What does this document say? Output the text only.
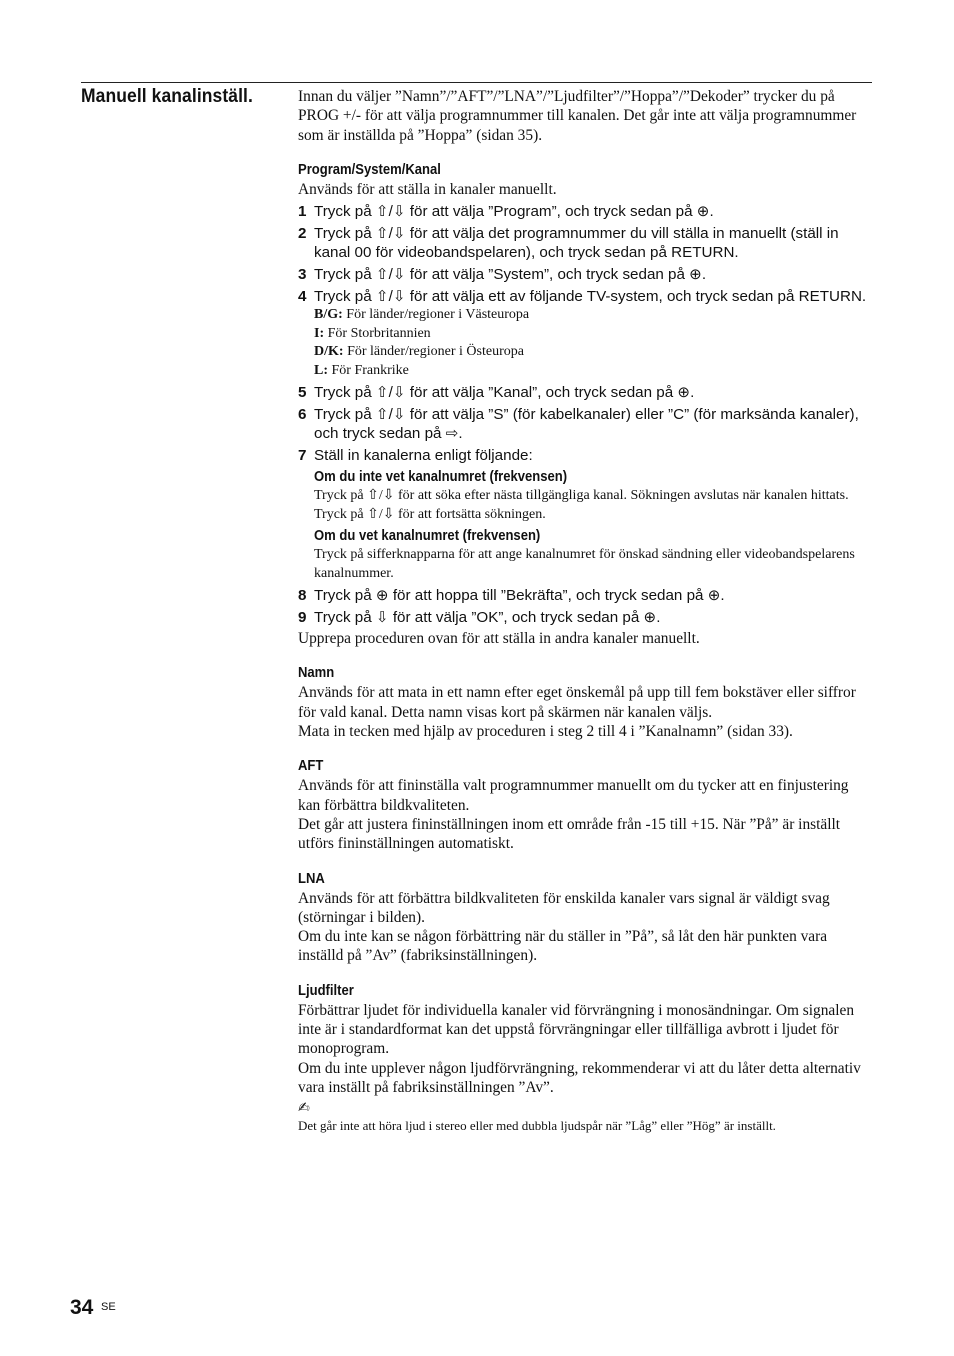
Manuell kanalinställ.	Innan du väljer ”Namn”/”AFT”/”LNA”/”Ljudfilter”/”Hoppa”/”Dekoder” trycker du på PROG +/- för att välja programnummer till kanalen. Det går inte att välja programnummer som är inställda på ”Hoppa” (sidan 35).

Program/System/Kanal

Används för att ställa in kanaler manuellt.

1 Tryck på ⇧/⇩ för att välja ”Program”, och tryck sedan på ⊕.
2 Tryck på ⇧/⇩ för att välja det programnummer du vill ställa in manuellt (ställ in kanal 00 för videobandspelaren), och tryck sedan på RETURN.
3 Tryck på ⇧/⇩ för att välja ”System”, och tryck sedan på ⊕.
4 Tryck på ⇧/⇩ för att välja ett av följande TV-system, och tryck sedan på RETURN.
B/G: För länder/regioner i Västeuropa
I: För Storbritannien
D/K: För länder/regioner i Östeuropa
L: För Frankrike
5 Tryck på ⇧/⇩ för att välja ”Kanal”, och tryck sedan på ⊕.
6 Tryck på ⇧/⇩ för att välja ”S” (för kabelkanaler) eller ”C” (för marksända kanaler), och tryck sedan på ⇨.
7 Ställ in kanalerna enligt följande:
Om du inte vet kanalnumret (frekvensen)

Tryck på ⇧/⇩ för att söka efter nästa tillgängliga kanal. Sökningen avslutas när kanalen hittats. Tryck på ⇧/⇩ för att fortsätta sökningen.

Om du vet kanalnumret (frekvensen)

Tryck på sifferknapparna för att ange kanalnumret för önskad sändning eller videobandspelarens kanalnummer.

8 Tryck på ⊕ för att hoppa till ”Bekräfta”, och tryck sedan på ⊕.
9 Tryck på ⇩ för att välja ”OK”, och tryck sedan på ⊕.

Upprepa proceduren ovan för att ställa in andra kanaler manuellt.

Namn

Används för att mata in ett namn efter eget önskemål på upp till fem bokstäver eller siffror för vald kanal. Detta namn visas kort på skärmen när kanalen väljs.

Mata in tecken med hjälp av proceduren i steg 2 till 4 i ”Kanalnamn” (sidan 33).

AFT

Används för att fininställa valt programnummer manuellt om du tycker att en finjustering kan förbättra bildkvaliteten.

Det går att justera fininställningen inom ett område från -15 till +15. När ”På” är inställt utförs fininställningen automatiskt.

LNA

Används för att förbättra bildkvaliteten för enskilda kanaler vars signal är väldigt svag (störningar i bilden).

Om du inte kan se någon förbättring när du ställer in ”På”, så låt den här punkten vara inställd på ”Av” (fabriksinställningen).

Ljudfilter

Förbättrar ljudet för individuella kanaler vid förvrängning i monosändningar. Om signalen inte är i standardformat kan det uppstå förvrängningar eller tillfälliga avbrott i ljudet för monoprogram.

Om du inte upplever någon ljudförvrängning, rekommenderar vi att du låter detta alternativ vara inställt på fabriksinställningen ”Av”.

✍

Det går inte att höra ljud i stereo eller med dubbla ljudspår när ”Låg” eller ”Hög” är inställt.

34 SE
